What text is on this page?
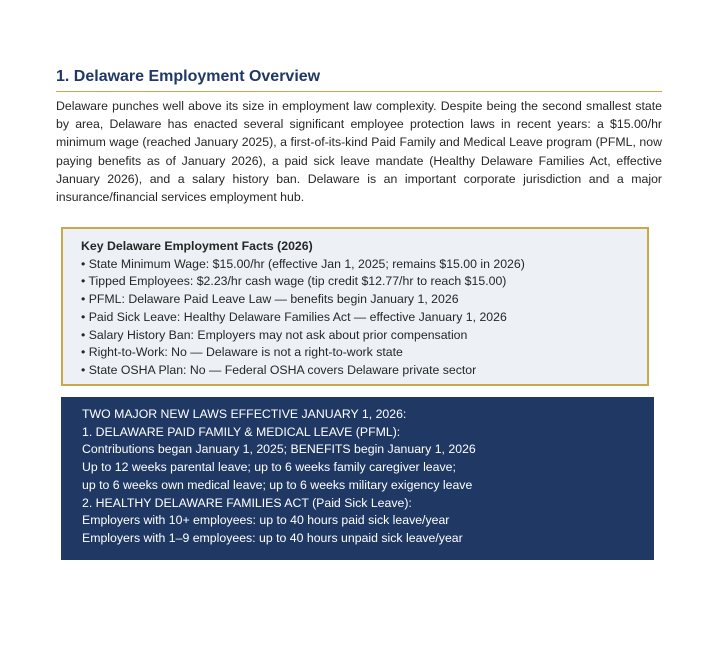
1. Delaware Employment Overview

Delaware punches well above its size in employment law complexity. Despite being the second smallest state by area, Delaware has enacted several significant employee protection laws in recent years: a $15.00/hr minimum wage (reached January 2025), a first-of-its-kind Paid Family and Medical Leave program (PFML, now paying benefits as of January 2026), a paid sick leave mandate (Healthy Delaware Families Act, effective January 2026), and a salary history ban. Delaware is an important corporate jurisdiction and a major insurance/financial services employment hub.

Key Delaware Employment Facts (2026)
• State Minimum Wage: $15.00/hr (effective Jan 1, 2025; remains $15.00 in 2026)
• Tipped Employees: $2.23/hr cash wage (tip credit $12.77/hr to reach $15.00)
• PFML: Delaware Paid Leave Law — benefits begin January 1, 2026
• Paid Sick Leave: Healthy Delaware Families Act — effective January 1, 2026
• Salary History Ban: Employers may not ask about prior compensation
• Right-to-Work: No — Delaware is not a right-to-work state
• State OSHA Plan: No — Federal OSHA covers Delaware private sector
TWO MAJOR NEW LAWS EFFECTIVE JANUARY 1, 2026:
1. DELAWARE PAID FAMILY & MEDICAL LEAVE (PFML):
Contributions began January 1, 2025; BENEFITS begin January 1, 2026
Up to 12 weeks parental leave; up to 6 weeks family caregiver leave;
up to 6 weeks own medical leave; up to 6 weeks military exigency leave
2. HEALTHY DELAWARE FAMILIES ACT (Paid Sick Leave):
Employers with 10+ employees: up to 40 hours paid sick leave/year
Employers with 1–9 employees: up to 40 hours unpaid sick leave/year
